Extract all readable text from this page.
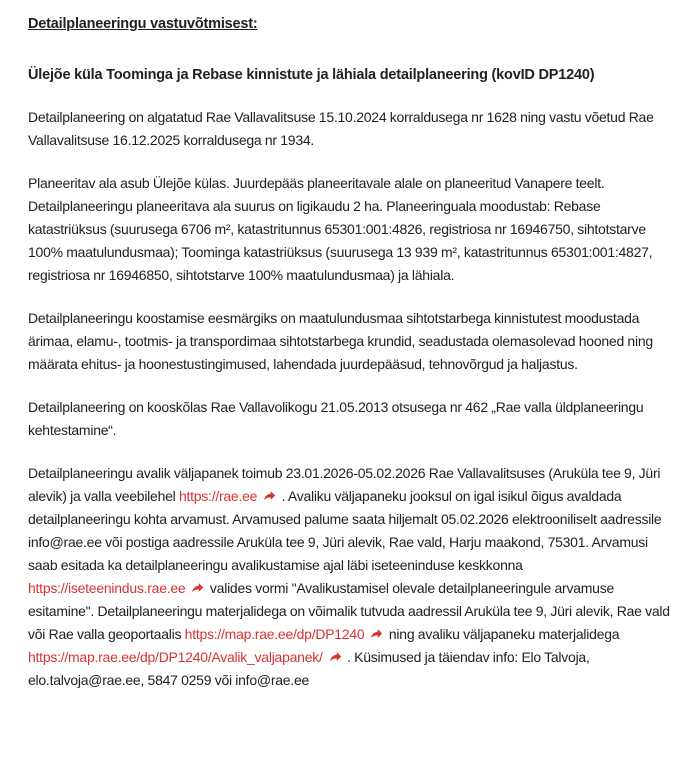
Detailplaneeringu vastuvõtmisest:
Ülejõe küla Toominga ja Rebase kinnistute ja lähiala detailplaneering (kovID DP1240)

Detailplaneering on algatatud Rae Vallavalitsuse 15.10.2024 korraldusega nr 1628 ning vastu võetud Rae Vallavalitsuse 16.12.2025 korraldusega nr 1934.

Planeeritav ala asub Ülejõe külas. Juurdepääs planeeritavale alale on planeeritud Vanapere teelt. Detailplaneeringu planeeritava ala suurus on ligikaudu 2 ha. Planeeringuala moodustab: Rebase katastriüksus (suurusega 6706 m², katastritunnus 65301:001:4826, registriosa nr 16946750, sihtotstarve 100% maatulundusmaa); Toominga katastriüksus (suurusega 13 939 m², katastritunnus 65301:001:4827, registriosa nr 16946850, sihtotstarve 100% maatulundusmaa) ja lähiala.

Detailplaneeringu koostamise eesmärgiks on maatulundusmaa sihtotstarbega kinnistutest moodustada ärimaa, elamu-, tootmis- ja transpordimaa sihtotstarbega krundid, seadustada olemasolevad hooned ning määrata ehitus- ja hoonestustingimused, lahendada juurdepääsud, tehnovõrgud ja haljastus.

Detailplaneering on kooskõlas Rae Vallavolikogu 21.05.2013 otsusega nr 462 „Rae valla üldplaneeringu kehtestamine“.

Detailplaneeringu avalik väljapanek toimub 23.01.2026-05.02.2026 Rae Vallavalitsuses (Aruküla tee 9, Jüri alevik) ja valla veebilehel https://rae.ee
. Avaliku väljapaneku jooksul on igal isikul õigus avaldada detailplaneeringu kohta arvamust. Arvamused palume saata hiljemalt 05.02.2026 elektrooniliselt aadressile info@rae.ee või postiga aadressile Aruküla tee 9, Jüri alevik, Rae vald, Harju maakond, 75301. Arvamusi saab esitada ka detailplaneeringu avalikustamise ajal läbi iseteeninduse keskkonna https://iseteenindus.rae.ee
valides vormi "Avalikustamisel olevale detailplaneeringule arvamuse esitamine". Detailplaneeringu materjalidega on võimalik tutvuda aadressil Aruküla tee 9, Jüri alevik, Rae vald või Rae valla geoportaalis https://map.rae.ee/dp/DP1240
ning avaliku väljapaneku materjalidega https://map.rae.ee/dp/DP1240/Avalik_valjapanek/
. Küsimused ja täiendav info: Elo Talvoja, elo.talvoja@rae.ee, 5847 0259 või info@rae.ee
